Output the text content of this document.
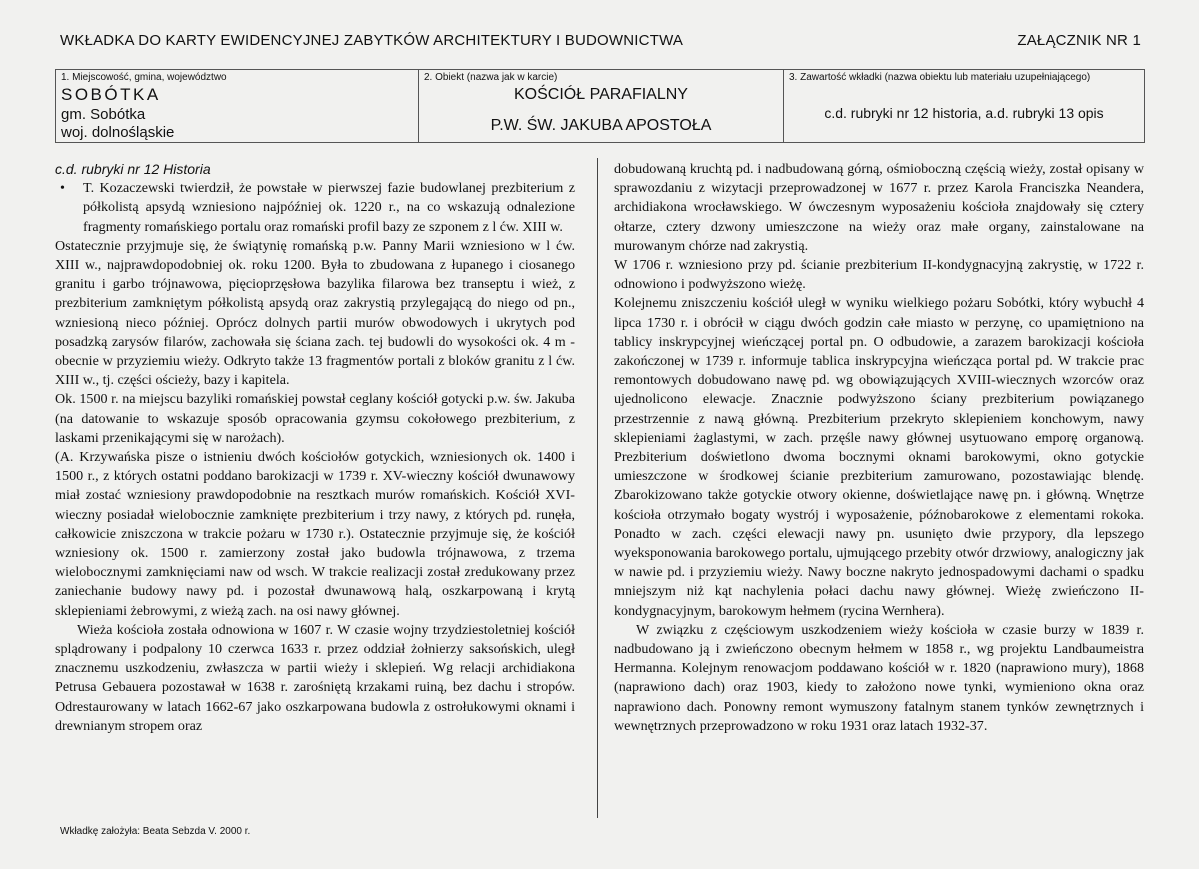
WKŁADKA DO KARTY EWIDENCYJNEJ ZABYTKÓW ARCHITEKTURY I BUDOWNICTWA	ZAŁĄCZNIK NR 1
1. Miejscowość, gmina, województwo
SOBÓTKA
gm. Sobótka
woj. dolnośląskie
2. Obiekt (nazwa jak w karcie)
KOŚCIÓŁ PARAFIALNY
P.W. ŚW. JAKUBA APOSTOŁA
3. Zawartość wkładki (nazwa obiektu lub materiału uzupełniającego)
c.d. rubryki nr 12 historia, a.d. rubryki 13 opis

c.d. rubryki nr 12 Historia

• T. Kozaczewski twierdził, że powstałe w pierwszej fazie budowlanej prezbiterium z półkolistą apsydą wzniesiono najpóźniej ok. 1220 r., na co wskazują odnalezione fragmenty romańskiego portalu oraz romański profil bazy ze szponem z l ćw. XIII w.

Ostatecznie przyjmuje się, że świątynię romańską p.w. Panny Marii wzniesiono w l ćw. XIII w., najprawdopodobniej ok. roku 1200. Była to zbudowana z łupanego i ciosanego granitu i garbo trójnawowa, pięcioprzęsłowa bazylika filarowa bez transeptu i wież, z prezbiterium zamkniętym półkolistą apsydą oraz zakrystią przylegającą do niego od pn., wzniesioną nieco później. Oprócz dolnych partii murów obwodowych i ukrytych pod posadzką zarysów filarów, zachowała się ściana zach. tej budowli do wysokości ok. 4 m - obecnie w przyziemiu wieży. Odkryto także 13 fragmentów portali z bloków granitu z l ćw. XIII w., tj. części ościeży, bazy i kapitela.

Ok. 1500 r. na miejscu bazyliki romańskiej powstał ceglany kościół gotycki p.w. św. Jakuba (na datowanie to wskazuje sposób opracowania gzymsu cokołowego prezbiterium, z laskami przenikającymi się w narożach).

(A. Krzywańska pisze o istnieniu dwóch kościołów gotyckich, wzniesionych ok. 1400 i 1500 r., z których ostatni poddano barokizacji w 1739 r. XV-wieczny kościół dwunawowy miał zostać wzniesiony prawdopodobnie na resztkach murów romańskich. Kościół XVI-wieczny posiadał wielobocznie zamknięte prezbiterium i trzy nawy, z których pd. runęła, całkowicie zniszczona w trakcie pożaru w 1730 r.). Ostatecznie przyjmuje się, że kościół wzniesiony ok. 1500 r. zamierzony został jako budowla trójnawowa, z trzema wielobocznymi zamknięciami naw od wsch. W trakcie realizacji został zredukowany przez zaniechanie budowy nawy pd. i pozostał dwunawową halą, oszkarpowaną i krytą sklepieniami żebrowymi, z wieżą zach. na osi nawy głównej.

Wieża kościoła została odnowiona w 1607 r. W czasie wojny trzydziestoletniej kościół splądrowany i podpalony 10 czerwca 1633 r. przez oddział żołnierzy saksońskich, uległ znacznemu uszkodzeniu, zwłaszcza w partii wieży i sklepień. Wg relacji archidiakona Petrusa Gebauera pozostawał w 1638 r. zarośniętą krzakami ruiną, bez dachu i stropów. Odrestaurowany w latach 1662-67 jako oszkarpowana budowla z ostrołukowymi oknami i drewnianym stropem oraz

dobudowaną kruchtą pd. i nadbudowaną górną, ośmioboczną częścią wieży, został opisany w sprawozdaniu z wizytacji przeprowadzonej w 1677 r. przez Karola Franciszka Neandera, archidiakona wrocławskiego. W ówczesnym wyposażeniu kościoła znajdowały się cztery ołtarze, cztery dzwony umieszczone na wieży oraz małe organy, zainstalowane na murowanym chórze nad zakrystią.

W 1706 r. wzniesiono przy pd. ścianie prezbiterium II-kondygnacyjną zakrystię, w 1722 r. odnowiono i podwyższono wieżę.

Kolejnemu zniszczeniu kościół uległ w wyniku wielkiego pożaru Sobótki, który wybuchł 4 lipca 1730 r. i obrócił w ciągu dwóch godzin całe miasto w perzynę, co upamiętniono na tablicy inskrypcyjnej wieńczącej portal pn. O odbudowie, a zarazem barokizacji kościoła zakończonej w 1739 r. informuje tablica inskrypcyjna wieńcząca portal pd. W trakcie prac remontowych dobudowano nawę pd. wg obowiązujących XVIII-wiecznych wzorców oraz ujednolicono elewacje. Znacznie podwyższono ściany prezbiterium powiązanego przestrzennie z nawą główną. Prezbiterium przekryto sklepieniem konchowym, nawy sklepieniami żaglastymi, w zach. przęśle nawy głównej usytuowano emporę organową. Prezbiterium doświetlono dwoma bocznymi oknami barokowymi, okno gotyckie umieszczone w środkowej ścianie prezbiterium zamurowano, pozostawiając blendę. Zbarokizowano także gotyckie otwory okienne, doświetlające nawę pn. i główną. Wnętrze kościoła otrzymało bogaty wystrój i wyposażenie, późnobarokowe z elementami rokoka. Ponadto w zach. części elewacji nawy pn. usunięto dwie przypory, dla lepszego wyeksponowania barokowego portalu, ujmującego przebity otwór drzwiowy, analogiczny jak w nawie pd. i przyziemiu wieży. Nawy boczne nakryto jednospadowymi dachami o spadku mniejszym niż kąt nachylenia połaci dachu nawy głównej. Wieżę zwieńczono II-kondygnacyjnym, barokowym hełmem (rycina Wernhera).

W związku z częściowym uszkodzeniem wieży kościoła w czasie burzy w 1839 r. nadbudowano ją i zwieńczono obecnym hełmem w 1858 r., wg projektu Landbaumeistra Hermanna. Kolejnym renowacjom poddawano kościół w r. 1820 (naprawiono mury), 1868 (naprawiono dach) oraz 1903, kiedy to założono nowe tynki, wymieniono okna oraz naprawiono dach. Ponowny remont wymuszony fatalnym stanem tynków zewnętrznych i wewnętrznych przeprowadzono w roku 1931 oraz latach 1932-37.

Wkładkę założyła: Beata Sebzda V. 2000 r.
